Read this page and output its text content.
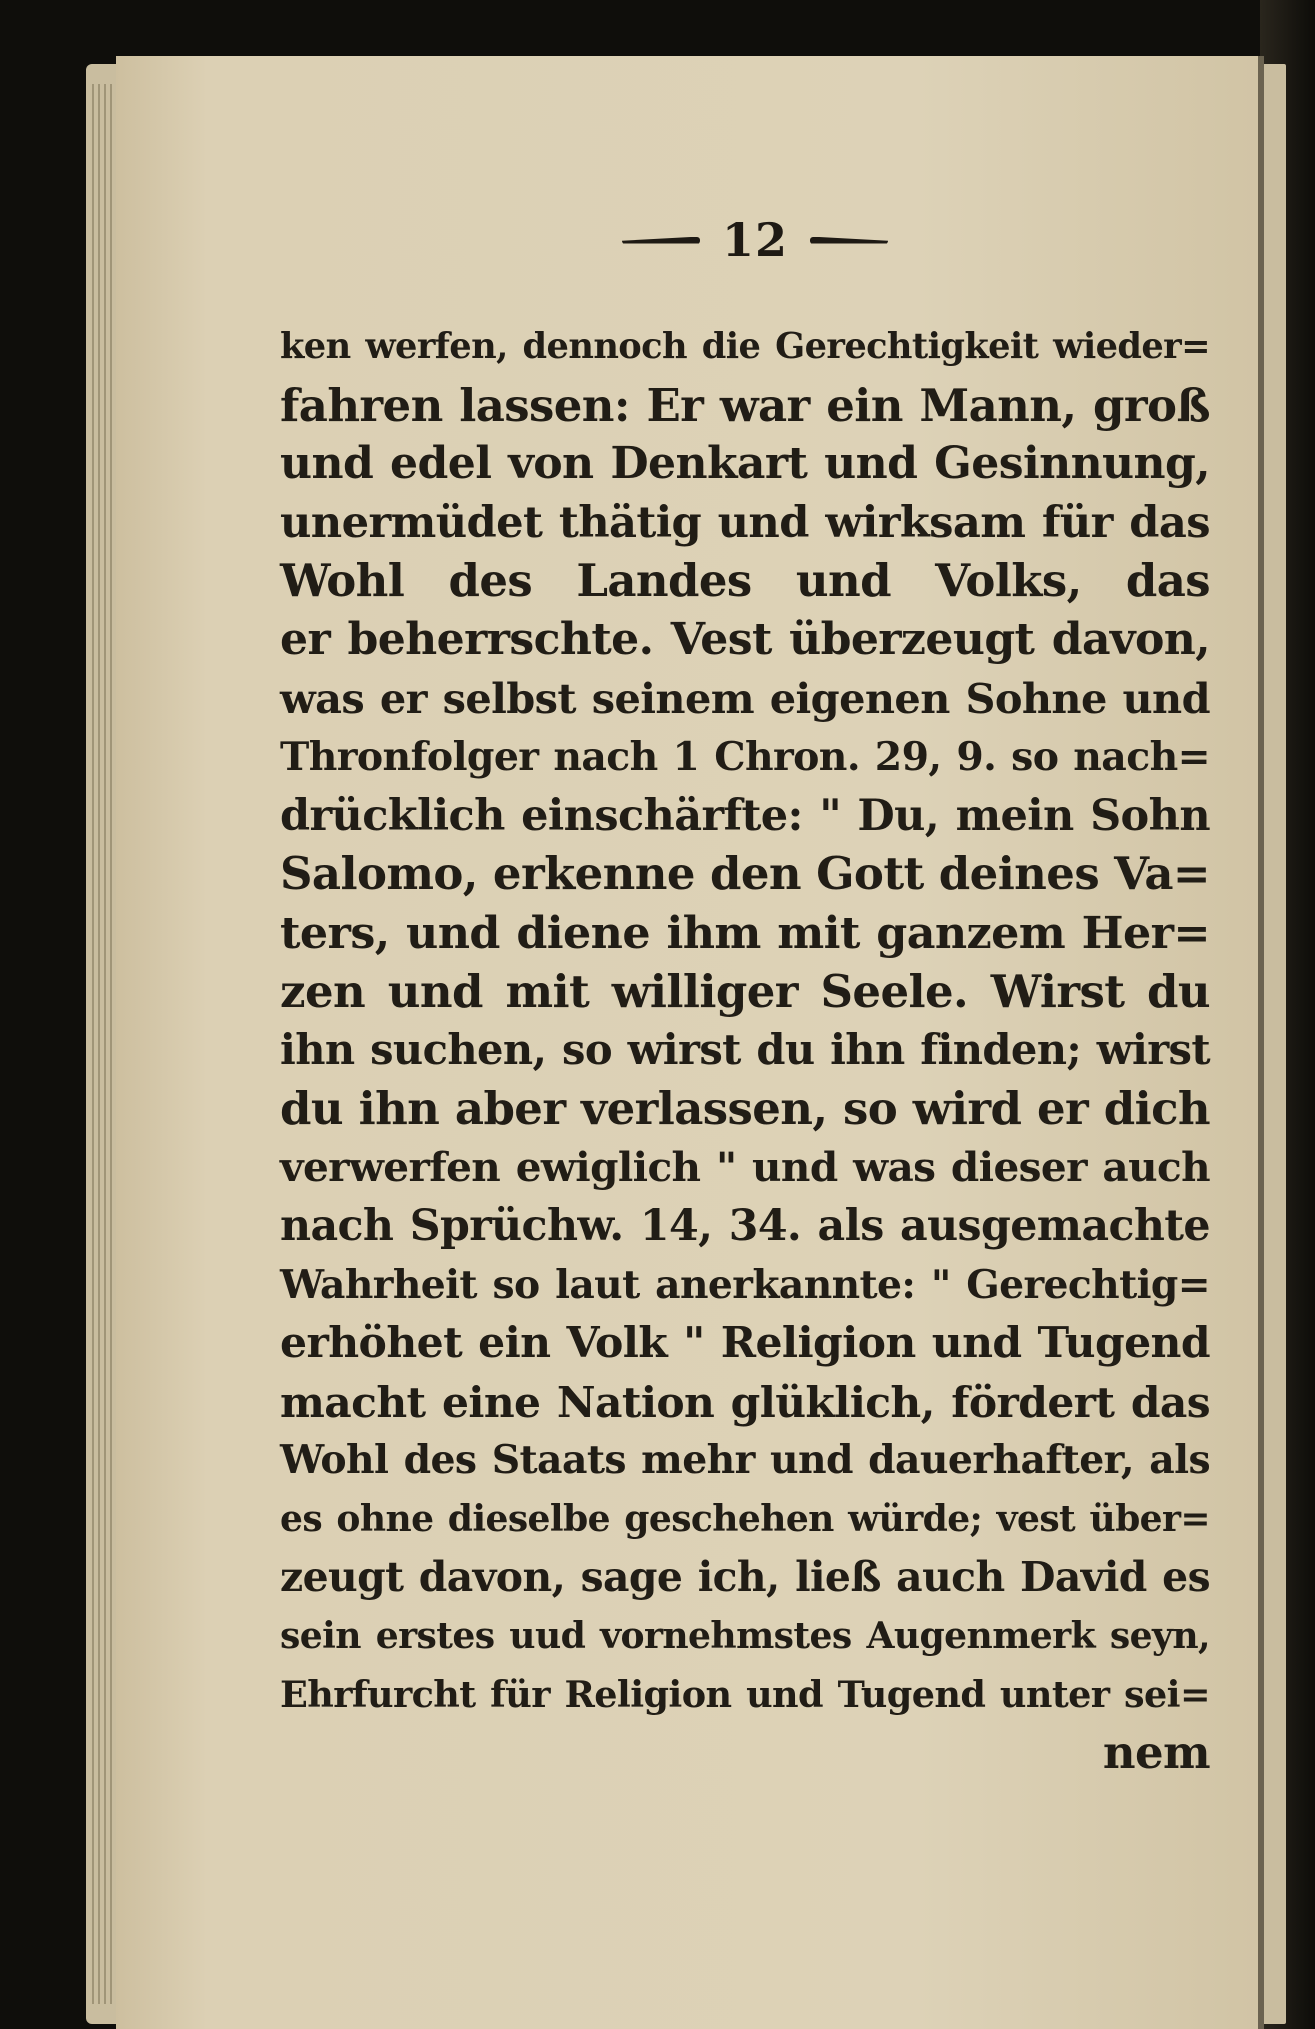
12
ken werfen, dennoch die Gerechtigkeit wieder=
fahren lassen: Er war ein Mann, groß
und edel von Denkart und Gesinnung,
unermüdet thätig und wirksam für das
Wohl des Landes und Volks, das
er beherrschte. Vest überzeugt davon,
was er selbst seinem eigenen Sohne und
Thronfolger nach 1 Chron. 29, 9. so nach=
drücklich einschärfte: " Du, mein Sohn
Salomo, erkenne den Gott deines Va=
ters, und diene ihm mit ganzem Her=
zen und mit williger Seele. Wirst du
ihn suchen, so wirst du ihn finden; wirst
du ihn aber verlassen, so wird er dich
verwerfen ewiglich " und was dieser auch
nach Sprüchw. 14, 34. als ausgemachte
Wahrheit so laut anerkannte: " Gerechtig=
erhöhet ein Volk " Religion und Tugend
macht eine Nation glüklich, fördert das
Wohl des Staats mehr und dauerhafter, als
es ohne dieselbe geschehen würde; vest über=
zeugt davon, sage ich, ließ auch David es
sein erstes uud vornehmstes Augenmerk seyn,
Ehrfurcht für Religion und Tugend unter sei=
nem
